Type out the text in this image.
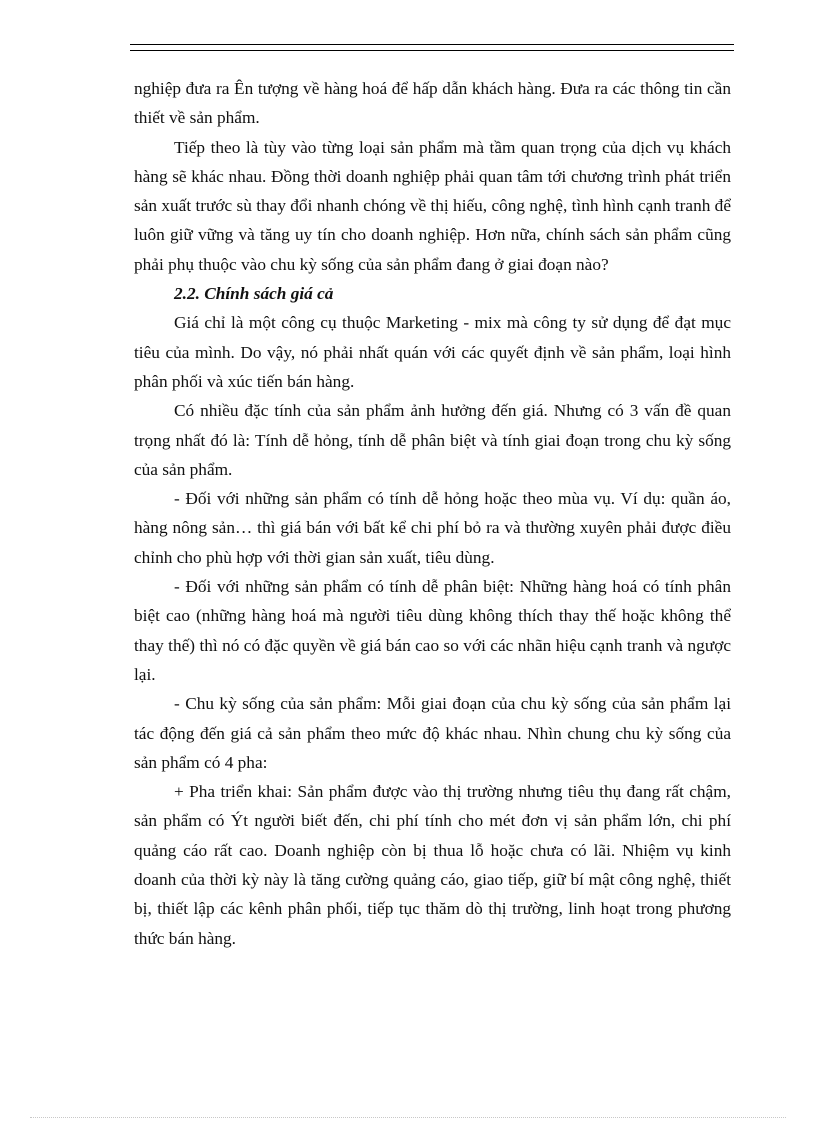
nghiệp đưa ra Ên tượng về hàng hoá để hấp dẫn khách hàng. Đưa ra các thông tin cần thiết về sản phẩm.

Tiếp theo là tùy vào từng loại sản phẩm mà tầm quan trọng của dịch vụ khách hàng sẽ khác nhau. Đồng thời doanh nghiệp phải quan tâm tới chương trình phát triển sản xuất trước sù thay đổi nhanh chóng về thị hiếu, công nghệ, tình hình cạnh tranh để luôn giữ vững và tăng uy tín cho doanh nghiệp. Hơn nữa, chính sách sản phẩm cũng phải phụ thuộc vào chu kỳ sống của sản phẩm đang ở giai đoạn nào?

2.2. Chính sách giá cả

Giá chỉ là một công cụ thuộc Marketing - mix mà công ty sử dụng để đạt mục tiêu của mình. Do vậy, nó phải nhất quán với các quyết định về sản phẩm, loại hình phân phối và xúc tiến bán hàng.

Có nhiều đặc tính của sản phẩm ảnh hưởng đến giá. Nhưng có 3 vấn đề quan trọng nhất đó là: Tính dễ hỏng, tính dễ phân biệt và tính giai đoạn trong chu kỳ sống của sản phẩm.

- Đối với những sản phẩm có tính dễ hỏng hoặc theo mùa vụ. Ví dụ: quần áo, hàng nông sản… thì giá bán với bất kể chi phí bỏ ra và thường xuyên phải được điều chỉnh cho phù hợp với thời gian sản xuất, tiêu dùng.

- Đối với những sản phẩm có tính dễ phân biệt: Những hàng hoá có tính phân biệt cao (những hàng hoá mà người tiêu dùng không thích thay thế hoặc không thể thay thế) thì nó có đặc quyền về giá bán cao so với các nhãn hiệu cạnh tranh và ngược lại.

- Chu kỳ sống của sản phẩm: Mỗi giai đoạn của chu kỳ sống của sản phẩm lại tác động đến giá cả sản phẩm theo mức độ khác nhau. Nhìn chung chu kỳ sống của sản phẩm có 4 pha:

+ Pha triển khai: Sản phẩm được vào thị trường nhưng tiêu thụ đang rất chậm, sản phẩm có Ýt người biết đến, chi phí tính cho mét đơn vị sản phẩm lớn, chi phí quảng cáo rất cao. Doanh nghiệp còn bị thua lỗ hoặc chưa có lãi. Nhiệm vụ kinh doanh của thời kỳ này là tăng cường quảng cáo, giao tiếp, giữ bí mật công nghệ, thiết bị, thiết lập các kênh phân phối, tiếp tục thăm dò thị trường, linh hoạt trong phương thức bán hàng.
